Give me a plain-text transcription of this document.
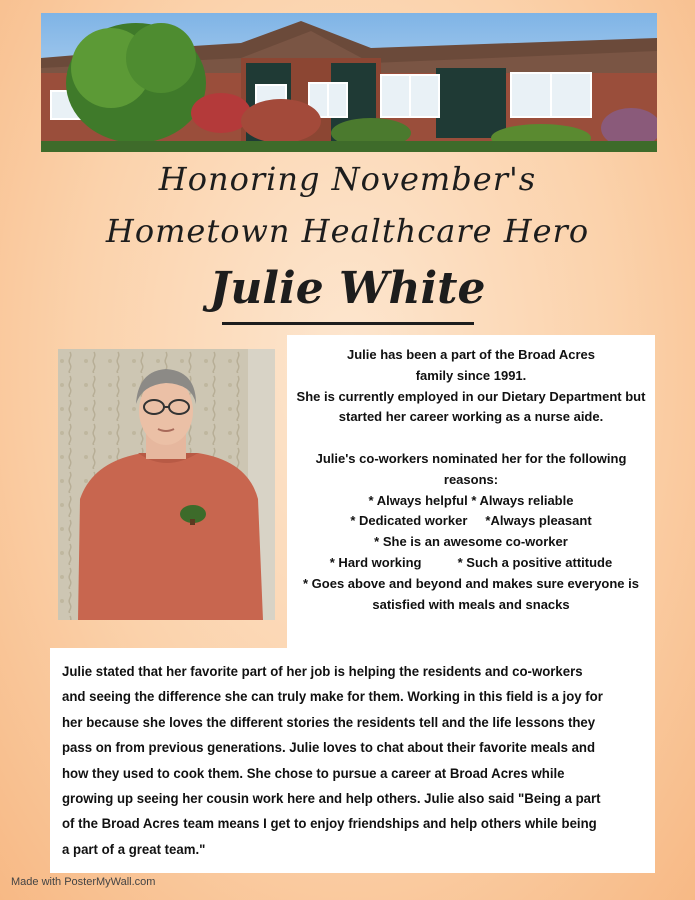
Honoring November's
Hometown Healthcare Hero
Julie White

Julie has been a part of the Broad Acres

family since 1991.

She is currently employed in our Dietary Department but

started her career working as a nurse aide.

Julie's co-workers nominated her for the following

reasons:

* Always helpful * Always reliable

* Dedicated worker     *Always pleasant

* She is an awesome co-worker

* Hard working          * Such a positive attitude

* Goes above and beyond and makes sure everyone is

satisfied with meals and snacks

Julie stated that her favorite part of her job is helping the residents and co-workers
and seeing the difference she can truly make for them. Working in this field is a joy for
her because she loves the different stories the residents tell and the life lessons they
pass on from previous generations. Julie loves to chat about their favorite meals and
how they used to cook them. She chose to pursue a career at Broad Acres while
growing up seeing her cousin work here and help others. Julie also said "Being a part
of the Broad Acres team means I get to enjoy friendships and help others while being
a part of a great team."
Made with PosterMyWall.com
